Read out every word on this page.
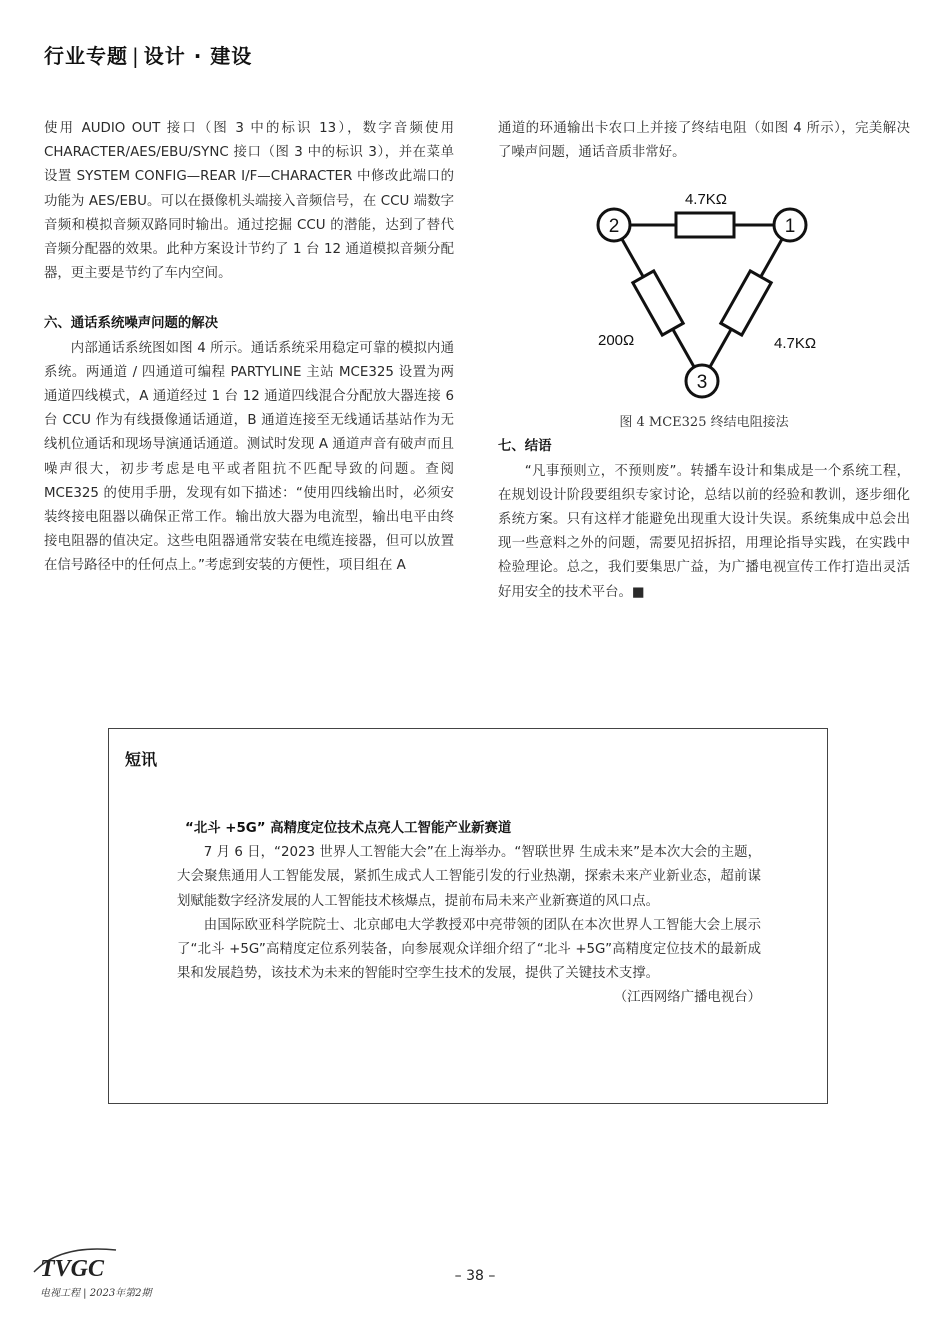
行业专题 | 设计 · 建设

使用 AUDIO OUT 接口（图 3 中的标识 13），数字音频使用 CHARACTER/AES/EBU/SYNC 接口（图 3 中的标识 3），并在菜单设置 SYSTEM CONFIG—REAR I/F—CHARACTER 中修改此端口的功能为 AES/EBU。可以在摄像机头端接入音频信号，在 CCU 端数字音频和模拟音频双路同时输出。通过挖掘 CCU 的潜能，达到了替代音频分配器的效果。此种方案设计节约了 1 台 12 通道模拟音频分配器，更主要是节约了车内空间。

六、通话系统噪声问题的解决

内部通话系统图如图 4 所示。通话系统采用稳定可靠的模拟内通系统。两通道 / 四通道可编程 PARTYLINE 主站 MCE325 设置为两通道四线模式，A 通道经过 1 台 12 通道四线混合分配放大器连接 6 台 CCU 作为有线摄像通话通道，B 通道连接至无线通话基站作为无线机位通话和现场导演通话通道。测试时发现 A 通道声音有破声而且噪声很大，初步考虑是电平或者阻抗不匹配导致的问题。查阅 MCE325 的使用手册，发现有如下描述：“使用四线输出时，必须安装终接电阻器以确保正常工作。输出放大器为电流型，输出电平由终接电阻器的值决定。这些电阻器通常安装在电缆连接器，但可以放置在信号路径中的任何点上。”考虑到安装的方便性，项目组在 A

通道的环通输出卡农口上并接了终结电阻（如图 4 所示），完美解决了噪声问题，通话音质非常好。

2	1
3
4.7KΩ
200Ω	4.7KΩ
图 4 MCE325 终结电阻接法

七、结语

“凡事预则立，不预则废”。转播车设计和集成是一个系统工程，在规划设计阶段要组织专家讨论，总结以前的经验和教训，逐步细化系统方案。只有这样才能避免出现重大设计失误。系统集成中总会出现一些意料之外的问题，需要见招拆招，用理论指导实践，在实践中检验理论。总之，我们要集思广益，为广播电视宣传工作打造出灵活好用安全的技术平台。■

短讯

“北斗 +5G” 高精度定位技术点亮人工智能产业新赛道

7 月 6 日，“2023 世界人工智能大会”在上海举办。“智联世界 生成未来”是本次大会的主题，大会聚焦通用人工智能发展，紧抓生成式人工智能引发的行业热潮，探索未来产业新业态，超前谋划赋能数字经济发展的人工智能技术核爆点，提前布局未来产业新赛道的风口点。

由国际欧亚科学院院士、北京邮电大学教授邓中亮带领的团队在本次世界人工智能大会上展示了“北斗 +5G”高精度定位系列装备，向参展观众详细介绍了“北斗 +5G”高精度定位技术的最新成果和发展趋势，该技术为未来的智能时空孪生技术的发展，提供了关键技术支撑。

（江西网络广播电视台）

TVGC
电视工程 | 2023年第2期
– 38 –
